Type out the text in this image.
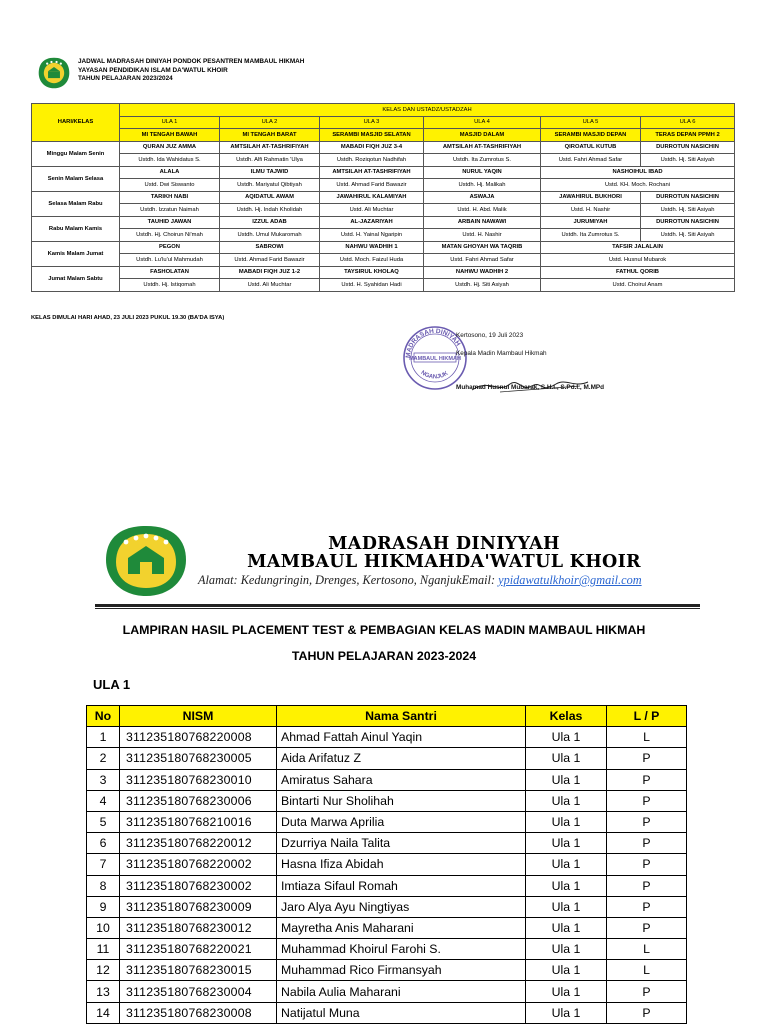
JADWAL MADRASAH DINIYAH PONDOK PESANTREN MAMBAUL HIKMAH
YAYASAN PENDIDIKAN ISLAM DA'WATUL KHOIR
TAHUN PELAJARAN 2023/2024
HARI/KELAS	KELAS DAN USTADZ/USTADZAH					
	ULA 1	ULA 2	ULA 3	ULA 4	ULA 5	ULA 6
	MI TENGAH BAWAH	MI TENGAH BARAT	SERAMBI MASJID SELATAN	MASJID DALAM	SERAMBI MASJID DEPAN	TERAS DEPAN PPMH 2
Minggu Malam Senin	QURAN JUZ AMMA	AMTSILAH AT-TASHRIFIYAH	MABADI FIQH JUZ 3-4	AMTSILAH AT-TASHRIFIYAH	QIROATUL KUTUB	DURROTUN NASICHIN
	Ustdh. Ida Wahidatus S.	Ustdh. Alfi Rahmatin 'Ulya	Ustdh. Roziqotun Nadhifah	Ustdh. Ita Zumrotus S.	Ustd. Fahri Ahmad Safar	Ustdh. Hj. Siti Asiyah
Senin Malam Selasa	ALALA	ILMU TAJWID	AMTSILAH AT-TASHRIFIYAH	NURUL YAQIN	NASHOIHUL IBAD	
	Ustd. Dwi Siswanto	Ustdh. Mariyatul Qibtiyah	Ustd. Ahmad Farid Bawazir	Ustdh. Hj. Malikah	Ustd. KH. Moch. Rochani	
Selasa Malam Rabu	TARIKH NABI	AQIDATUL AWAM	JAWAHIRUL KALAMIYAH	ASWAJA	JAWAHIRUL BUKHORI	DURROTUN NASICHIN
	Ustdh. Izzatun Naimah	Ustdh. Hj. Indah Kholidah	Ustd. Ali Muchtar	Ustd. H. Abd. Malik	Ustd. H. Nashir	Ustdh. Hj. Siti Asiyah
Rabu Malam Kamis	TAUHID JAWAN	IZZUL ADAB	AL-JAZARIYAH	ARBAIN NAWAWI	JURUMIYAH	DURROTUN NASICHIN
	Ustdh. Hj. Choirun Ni'mah	Ustdh. Umul Mukaromah	Ustd. H. Yainal Ngaripin	Ustd. H. Nashir	Ustdh. Ita Zumrotus S.	Ustdh. Hj. Siti Asiyah
Kamis Malam Jumat	PEGON	SABROWI	NAHWU WADHIH 1	MATAN GHOYAH WA TAQRIB	TAFSIR JALALAIN	
	Ustdh. Lu'lu'ul Mahmudah	Ustd. Ahmad Farid Bawazir	Ustd. Moch. Faizul Huda	Ustd. Fahri Ahmad Safar	Ustd. Husnul Mubarok	
Jumat Malam Sabtu	FASHOLATAN	MABADI FIQH JUZ 1-2	TAYSIRUL KHOLAQ	NAHWU WADHIH 2	FATHUL QORIB	
	Ustdh. Hj. Istiqomah	Ustd. Ali Muchtar	Ustd. H. Syahidan Hadi	Ustdh. Hj. Siti Asiyah	Ustd. Choirul Anam	
KELAS DIMULAI HARI AHAD, 23 JULI 2023 PUKUL 19.30 (BA'DA ISYA)
MADRASAH DINIYAH
MAMBAUL HIKMAH
NGANJUK
Kertosono, 19 Juli 2023
Kepala Madin Mambaul Hikmah
Muhamad Husnul Mubarak, S.H.I., S.Pd.I., M.MPd
MADRASAH DINIYYAH
MAMBAUL HIKMAHDA'WATUL KHOIR
Alamat: Kedungringin, Drenges, Kertosono, NganjukEmail: ypidawatulkhoir@gmail.com
LAMPIRAN HASIL PLACEMENT TEST & PEMBAGIAN KELAS MADIN MAMBAUL HIKMAH
TAHUN PELAJARAN 2023-2024
ULA 1
No	NISM	Nama Santri	Kelas	L / P
1	311235180768220008	Ahmad Fattah Ainul Yaqin	Ula 1	L
2	311235180768230005	Aida Arifatuz Z	Ula 1	P
3	311235180768230010	Amiratus Sahara	Ula 1	P
4	311235180768230006	Bintarti Nur Sholihah	Ula 1	P
5	311235180768210016	Duta Marwa Aprilia	Ula 1	P
6	311235180768220012	Dzurriya Naila Talita	Ula 1	P
7	311235180768220002	Hasna Ifiza Abidah	Ula 1	P
8	311235180768230002	Imtiaza Sifaul Romah	Ula 1	P
9	311235180768230009	Jaro Alya Ayu Ningtiyas	Ula 1	P
10	311235180768230012	Mayretha Anis Maharani	Ula 1	P
11	311235180768220021	Muhammad Khoirul Farohi S.	Ula 1	L
12	311235180768230015	Muhammad Rico Firmansyah	Ula 1	L
13	311235180768230004	Nabila Aulia Maharani	Ula 1	P
14	311235180768230008	Natijatul Muna	Ula 1	P
